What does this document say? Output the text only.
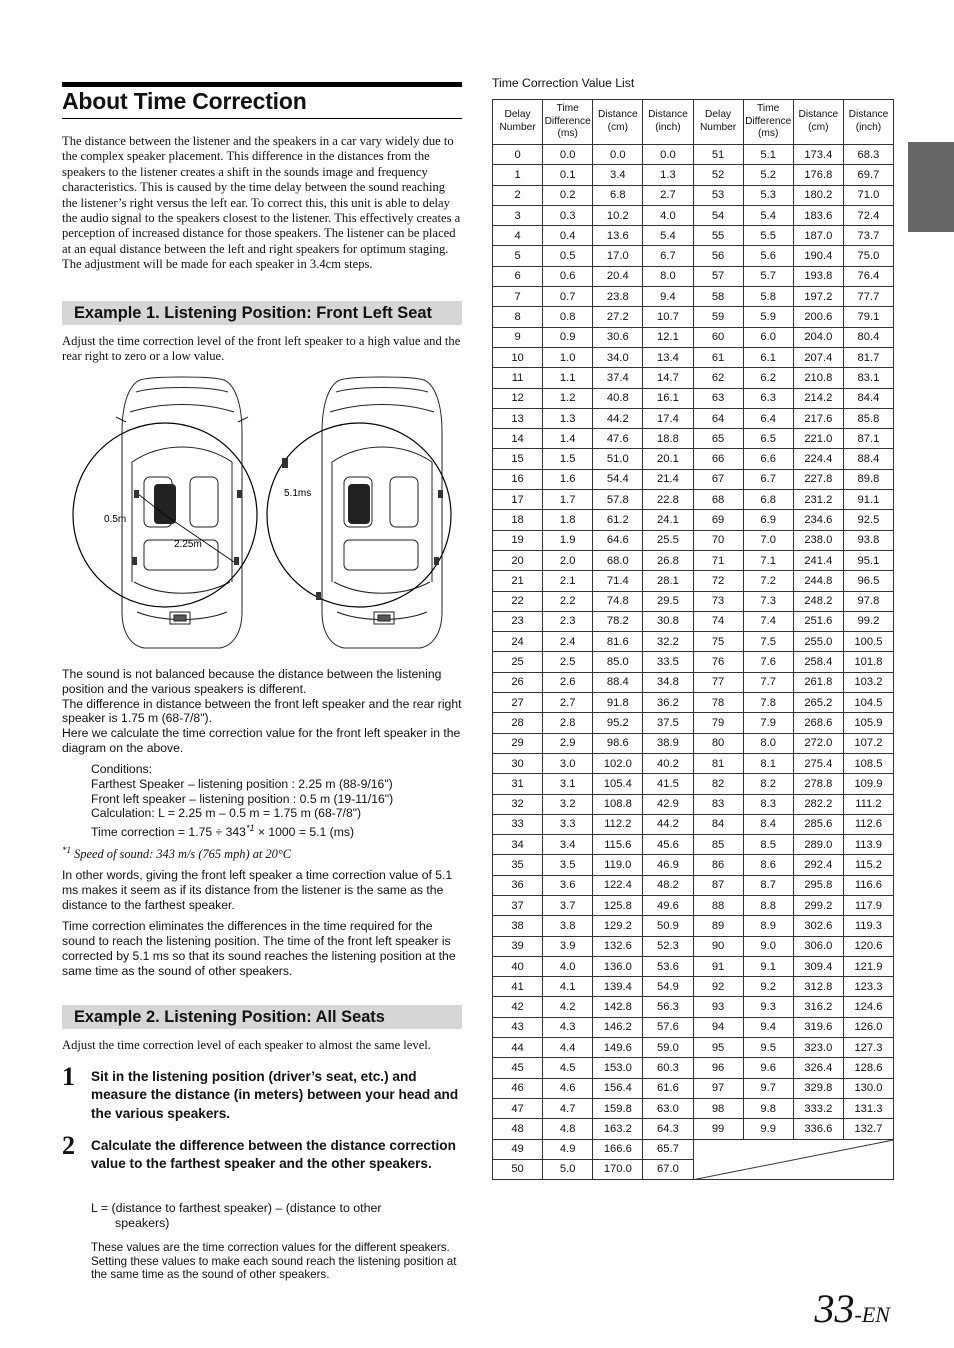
About Time Correction
The distance between the listener and the speakers in a car vary widely due to the complex speaker placement. This difference in the distances from the speakers to the listener creates a shift in the sounds image and frequency characteristics. This is caused by the time delay between the sound reaching the listener’s right versus the left ear. To correct this, this unit is able to delay the audio signal to the speakers closest to the listener. This effectively creates a perception of increased distance for those speakers. The listener can be placed at an equal distance between the left and right speakers for optimum staging. The adjustment will be made for each speaker in 3.4cm steps.
Example 1. Listening Position: Front Left Seat
Adjust the time correction level of the front left speaker to a high value and the rear right to zero or a low value.
0.5m
2.25m
5.1ms
The sound is not balanced because the distance between the listening position and the various speakers is different.
The difference in distance between the front left speaker and the rear right speaker is 1.75 m (68-7/8").
Here we calculate the time correction value for the front left speaker in the diagram on the above.
Conditions:
Farthest Speaker – listening position : 2.25 m (88-9/16")
Front left speaker – listening position : 0.5 m (19-11/16")
Calculation: L = 2.25 m – 0.5 m = 1.75 m (68-7/8")
Time correction = $1.75 \div 343^{*1} \times 1000 = 5.1$ (ms)
$^{*1}$ Speed of sound: 343 m/s (765 mph) at 20°C

In other words, giving the front left speaker a time correction value of 5.1 ms makes it seem as if its distance from the listener is the same as the distance to the farthest speaker.

Time correction eliminates the differences in the time required for the sound to reach the listening position. The time of the front left speaker is corrected by 5.1 ms so that its sound reaches the listening position at the same time as the sound of other speakers.

Example 2. Listening Position: All Seats
Adjust the time correction level of each speaker to almost the same level.
1 Sit in the listening position (driver’s seat, etc.) and measure the distance (in meters) between your head and the various speakers.
2 Calculate the difference between the distance correction value to the farthest speaker and the other speakers.
L = (distance to farthest speaker) – (distance to other
speakers)
These values are the time correction values for the different speakers. Setting these values to make each sound reach the listening position at the same time as the sound of other speakers.
Time Correction Value List
Delay Number	Time Difference (ms)	Distance (cm)	Distance (inch)	Delay Number	Time Difference (ms)	Distance (cm)	Distance (inch)
0	0.0	0.0	0.0	51	5.1	173.4	68.3
1	0.1	3.4	1.3	52	5.2	176.8	69.7
2	0.2	6.8	2.7	53	5.3	180.2	71.0
3	0.3	10.2	4.0	54	5.4	183.6	72.4
4	0.4	13.6	5.4	55	5.5	187.0	73.7
5	0.5	17.0	6.7	56	5.6	190.4	75.0
6	0.6	20.4	8.0	57	5.7	193.8	76.4
7	0.7	23.8	9.4	58	5.8	197.2	77.7
8	0.8	27.2	10.7	59	5.9	200.6	79.1
9	0.9	30.6	12.1	60	6.0	204.0	80.4
10	1.0	34.0	13.4	61	6.1	207.4	81.7
11	1.1	37.4	14.7	62	6.2	210.8	83.1
12	1.2	40.8	16.1	63	6.3	214.2	84.4
13	1.3	44.2	17.4	64	6.4	217.6	85.8
14	1.4	47.6	18.8	65	6.5	221.0	87.1
15	1.5	51.0	20.1	66	6.6	224.4	88.4
16	1.6	54.4	21.4	67	6.7	227.8	89.8
17	1.7	57.8	22.8	68	6.8	231.2	91.1
18	1.8	61.2	24.1	69	6.9	234.6	92.5
19	1.9	64.6	25.5	70	7.0	238.0	93.8
20	2.0	68.0	26.8	71	7.1	241.4	95.1
21	2.1	71.4	28.1	72	7.2	244.8	96.5
22	2.2	74.8	29.5	73	7.3	248.2	97.8
23	2.3	78.2	30.8	74	7.4	251.6	99.2
24	2.4	81.6	32.2	75	7.5	255.0	100.5
25	2.5	85.0	33.5	76	7.6	258.4	101.8
26	2.6	88.4	34.8	77	7.7	261.8	103.2
27	2.7	91.8	36.2	78	7.8	265.2	104.5
28	2.8	95.2	37.5	79	7.9	268.6	105.9
29	2.9	98.6	38.9	80	8.0	272.0	107.2
30	3.0	102.0	40.2	81	8.1	275.4	108.5
31	3.1	105.4	41.5	82	8.2	278.8	109.9
32	3.2	108.8	42.9	83	8.3	282.2	111.2
33	3.3	112.2	44.2	84	8.4	285.6	112.6
34	3.4	115.6	45.6	85	8.5	289.0	113.9
35	3.5	119.0	46.9	86	8.6	292.4	115.2
36	3.6	122.4	48.2	87	8.7	295.8	116.6
37	3.7	125.8	49.6	88	8.8	299.2	117.9
38	3.8	129.2	50.9	89	8.9	302.6	119.3
39	3.9	132.6	52.3	90	9.0	306.0	120.6
40	4.0	136.0	53.6	91	9.1	309.4	121.9
41	4.1	139.4	54.9	92	9.2	312.8	123.3
42	4.2	142.8	56.3	93	9.3	316.2	124.6
43	4.3	146.2	57.6	94	9.4	319.6	126.0
44	4.4	149.6	59.0	95	9.5	323.0	127.3
45	4.5	153.0	60.3	96	9.6	326.4	128.6
46	4.6	156.4	61.6	97	9.7	329.8	130.0
47	4.7	159.8	63.0	98	9.8	333.2	131.3
48	4.8	163.2	64.3	99	9.9	336.6	132.7
49	4.9	166.6	65.7	

50	5.0	170.0	67.0				
33-EN
